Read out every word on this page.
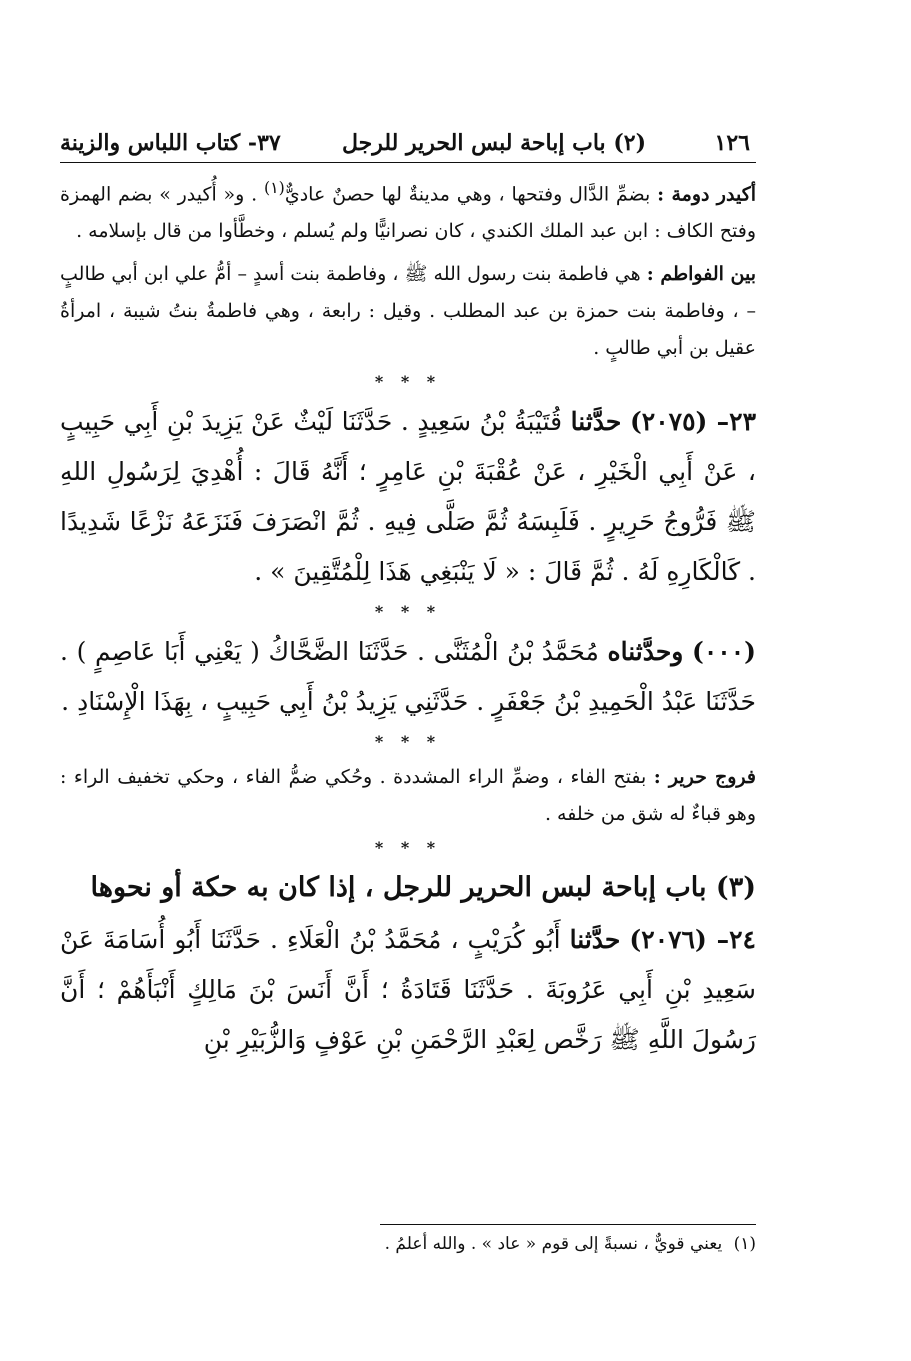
١٢٦
(٢) باب إباحة لبس الحرير للرجل
٣٧- كتاب اللباس والزينة

أكيدر دومة : بضمِّ الدَّال وفتحها ، وهي مدينةٌ لها حصنٌ عاديٌّ$^{(١)}$ . و« أُكيدر » بضم الهمزة وفتح الكاف : ابن عبد الملك الكندي ، كان نصرانيًّا ولم يُسلم ، وخطَّأوا من قال بإسلامه .

بين الفواطم : هي فاطمة بنت رسول الله ﷺ ، وفاطمة بنت أسدٍ – أمُّ علي ابن أبي طالبٍ – ، وفاطمة بنت حمزة بن عبد المطلب . وقيل : رابعة ، وهي فاطمةُ بنتُ شيبة ، امرأةُ عقيل بن أبي طالبٍ .

* * *

٢٣– (٢٠٧٥) حدَّثنا قُتَيْبَةُ بْنُ سَعِيدٍ . حَدَّثَنَا لَيْثٌ عَنْ يَزِيدَ بْنِ أَبِي حَبِيبٍ ، عَنْ أَبِي الْخَيْرِ ، عَنْ عُقْبَةَ بْنِ عَامِرٍ ؛ أَنَّهُ قَالَ : أُهْدِيَ لِرَسُولِ اللهِ ﷺ فَرُّوجُ حَرِيرٍ . فَلَبِسَهُ ثُمَّ صَلَّى فِيهِ . ثُمَّ انْصَرَفَ فَنَزَعَهُ نَزْعًا شَدِيدًا . كَالْكَارِهِ لَهُ . ثُمَّ قَالَ : « لَا يَنْبَغِي هَذَا لِلْمُتَّقِينَ » .

* * *

(٠٠٠) وحدَّثناه مُحَمَّدُ بْنُ الْمُثَنَّى . حَدَّثَنَا الضَّحَّاكُ ( يَعْنِي أَبَا عَاصِمٍ ) . حَدَّثَنَا عَبْدُ الْحَمِيدِ بْنُ جَعْفَرٍ . حَدَّثَنِي يَزِيدُ بْنُ أَبِي حَبِيبٍ ، بِهَذَا الْإِسْنَادِ .

* * *

فروج حرير : بفتح الفاء ، وضمِّ الراء المشددة . وحُكي ضمُّ الفاء ، وحكي تخفيف الراء : وهو قباءٌ له شق من خلفه .

* * *
(٣) باب إباحة لبس الحرير للرجل ، إذا كان به حكة أو نحوها

٢٤– (٢٠٧٦) حدَّثنا أَبُو كُرَيْبٍ ، مُحَمَّدُ بْنُ الْعَلَاءِ . حَدَّثَنَا أَبُو أُسَامَةَ عَنْ سَعِيدِ بْنِ أَبِي عَرُوبَةَ . حَدَّثَنَا قَتَادَةُ ؛ أَنَّ أَنَسَ بْنَ مَالِكٍ أَنْبَأَهُمْ ؛ أَنَّ رَسُولَ اللَّهِ ﷺ رَخَّص لِعَبْدِ الرَّحْمَنِ بْنِ عَوْفٍ وَالزُّبَيْرِ بْنِ

(١) يعني قويٌّ ، نسبةً إلى قوم « عاد » . والله أعلمُ .
